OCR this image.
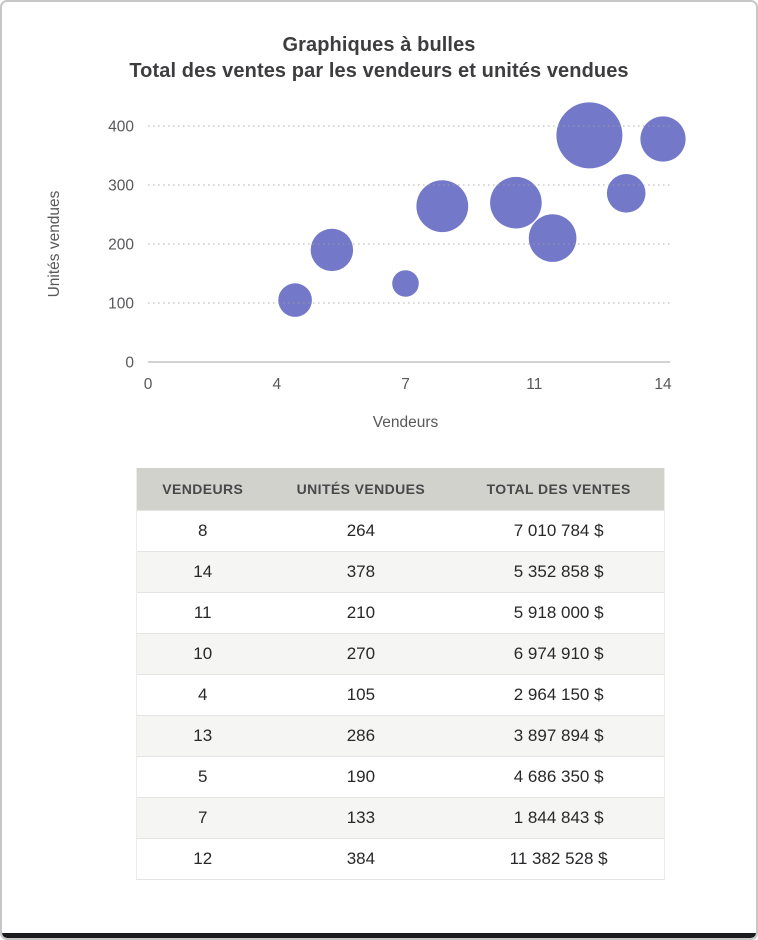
Graphiques à bulles
Total des ventes par les vendeurs et unités vendues
0
100
200
300
400
0	4	7	11	14
Unités vendues
Vendeurs
VENDEURS	UNITÉS VENDUES	TOTAL DES VENTES
8	264	7 010 784 $
14	378	5 352 858 $
11	210	5 918 000 $
10	270	6 974 910 $
4	105	2 964 150 $
13	286	3 897 894 $
5	190	4 686 350 $
7	133	1 844 843 $
12	384	11 382 528 $
